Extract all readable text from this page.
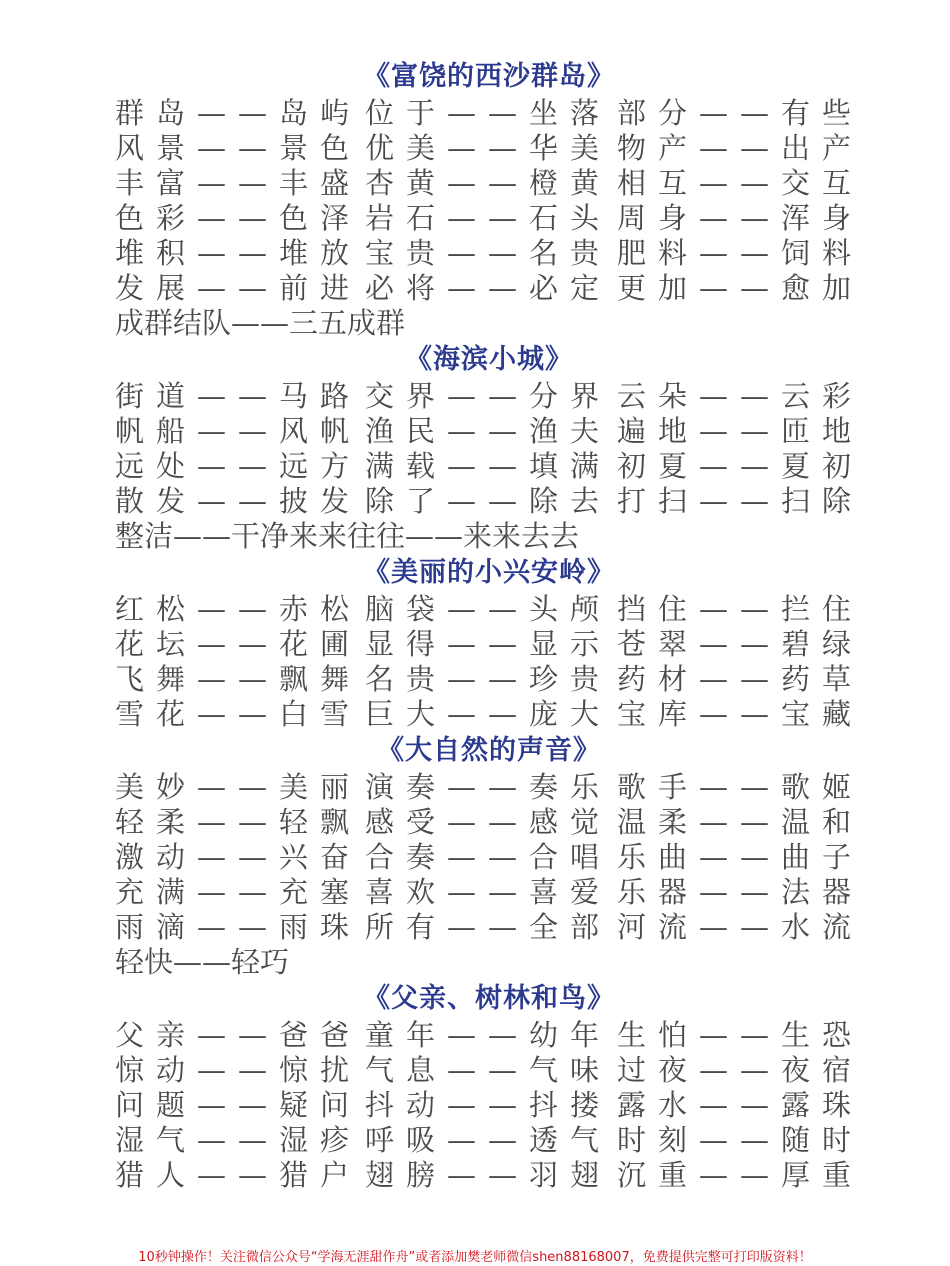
《富饶的西沙群岛》
群岛——岛屿 位于——坐落 部分——有些
风景——景色 优美——华美 物产——出产
丰富——丰盛 杏黄——橙黄 相互——交互
色彩——色泽 岩石——石头 周身——浑身
堆积——堆放 宝贵——名贵 肥料——饲料
发展——前进 必将——必定 更加——愈加
成群结队——三五成群
《海滨小城》
街道——马路 交界——分界 云朵——云彩
帆船——风帆 渔民——渔夫 遍地——匝地
远处——远方 满载——填满 初夏——夏初
散发——披发 除了——除去 打扫——扫除
整洁——干净来来往往——来来去去
《美丽的小兴安岭》
红松——赤松 脑袋——头颅 挡住——拦住
花坛——花圃 显得——显示 苍翠——碧绿
飞舞——飘舞 名贵——珍贵 药材——药草
雪花——白雪 巨大——庞大 宝库——宝藏
《大自然的声音》
美妙——美丽 演奏——奏乐 歌手——歌姬
轻柔——轻飘 感受——感觉 温柔——温和
激动——兴奋 合奏——合唱 乐曲——曲子
充满——充塞 喜欢——喜爱 乐器——法器
雨滴——雨珠 所有——全部 河流——水流
轻快——轻巧
《父亲、树林和鸟》
父亲——爸爸 童年——幼年 生怕——生恐
惊动——惊扰 气息——气味 过夜——夜宿
问题——疑问 抖动——抖搂 露水——露珠
湿气——湿疹 呼吸——透气 时刻——随时
猎人——猎户 翅膀——羽翅 沉重——厚重
10秒钟操作！关注微信公众号“学海无涯甜作舟”或者添加樊老师微信shen88168007，免费提供完整可打印版资料！
